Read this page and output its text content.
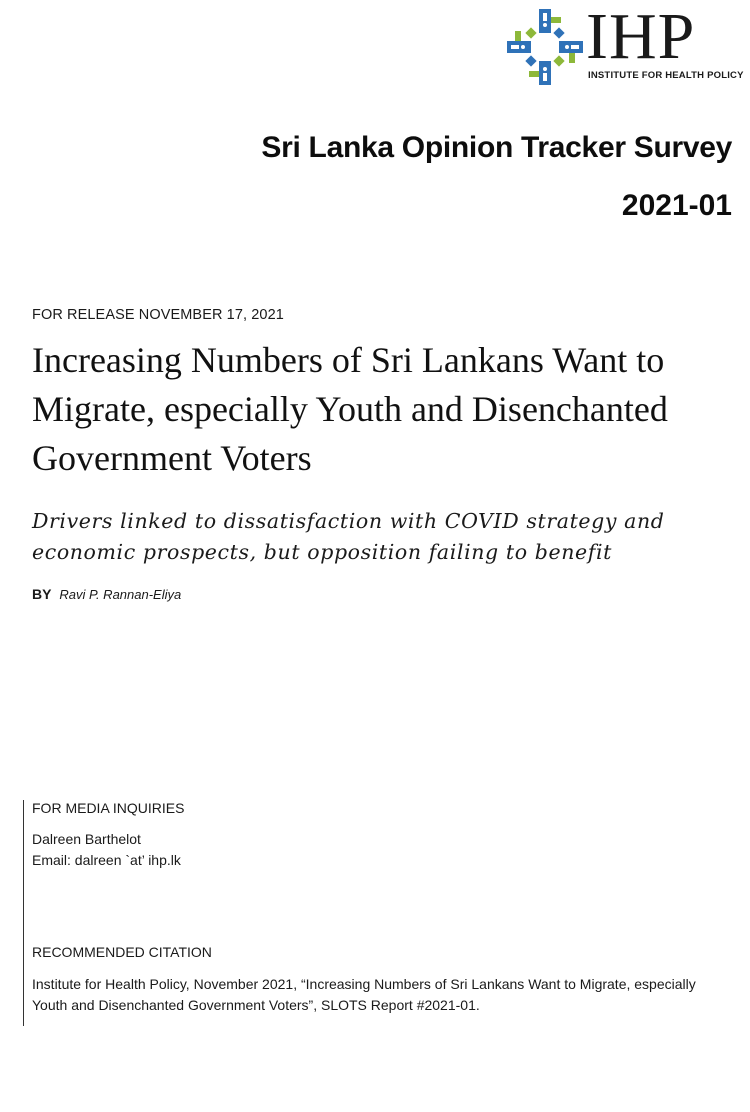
IHP
INSTITUTE FOR HEALTH POLICY
Sri Lanka Opinion Tracker Survey
2021-01
FOR RELEASE NOVEMBER 17, 2021
Increasing Numbers of Sri Lankans Want to Migrate, especially Youth and Disenchanted Government Voters

Drivers linked to dissatisfaction with COVID strategy and economic prospects, but opposition failing to benefit

BY Ravi P. Rannan-Eliya
FOR MEDIA INQUIRIES
Dalreen Barthelot
Email: dalreen `at’ ihp.lk
RECOMMENDED CITATION
Institute for Health Policy, November 2021, “Increasing Numbers of Sri Lankans Want to Migrate, especially Youth and Disenchanted Government Voters”, SLOTS Report #2021-01.
